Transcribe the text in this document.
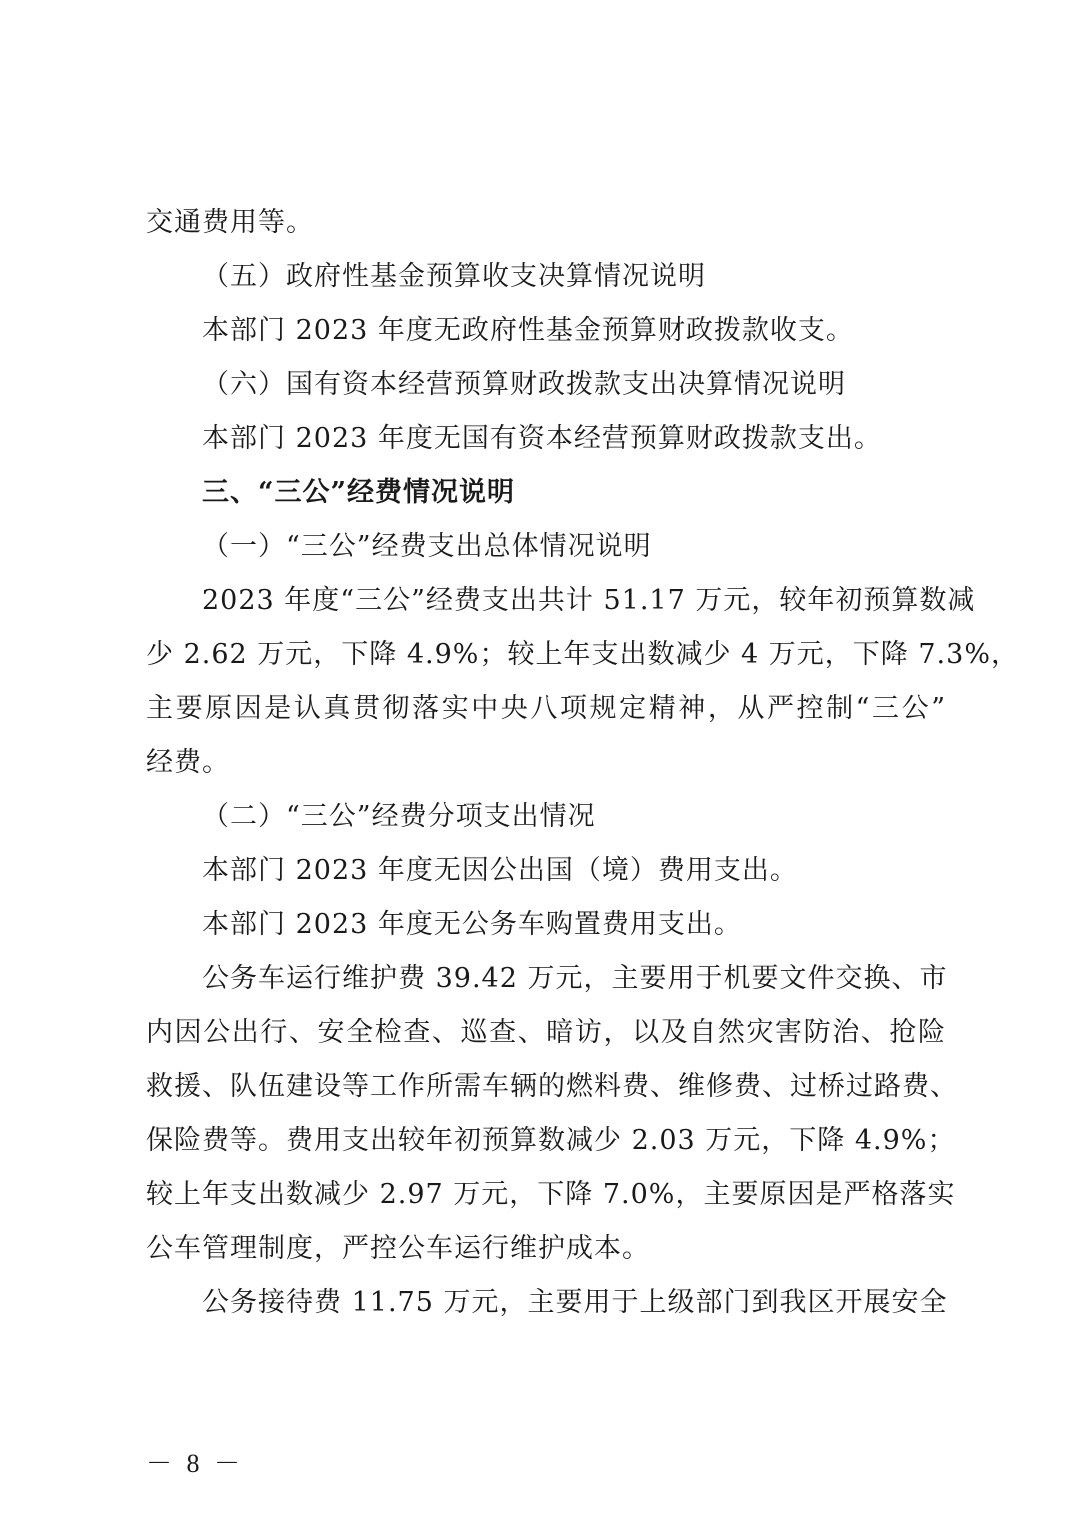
交通费用等。
（五）政府性基金预算收支决算情况说明
本部门 2023 年度无政府性基金预算财政拨款收支。
（六）国有资本经营预算财政拨款支出决算情况说明
本部门 2023 年度无国有资本经营预算财政拨款支出。
三、“三公”经费情况说明
（一）“三公”经费支出总体情况说明
2023 年度“三公”经费支出共计 51.17 万元，较年初预算数减
少 2.62 万元，下降 4.9%；较上年支出数减少 4 万元，下降 7.3%，
主要原因是认真贯彻落实中央八项规定精神，从严控制“三公”
经费。
（二）“三公”经费分项支出情况
本部门 2023 年度无因公出国（境）费用支出。
本部门 2023 年度无公务车购置费用支出。
公务车运行维护费 39.42 万元，主要用于机要文件交换、市
内因公出行、安全检查、巡查、暗访，以及自然灾害防治、抢险
救援、队伍建设等工作所需车辆的燃料费、维修费、过桥过路费、
保险费等。费用支出较年初预算数减少 2.03 万元，下降 4.9%；
较上年支出数减少 2.97 万元，下降 7.0%，主要原因是严格落实
公车管理制度，严控公车运行维护成本。
公务接待费 11.75 万元，主要用于上级部门到我区开展安全
－ 8 －
